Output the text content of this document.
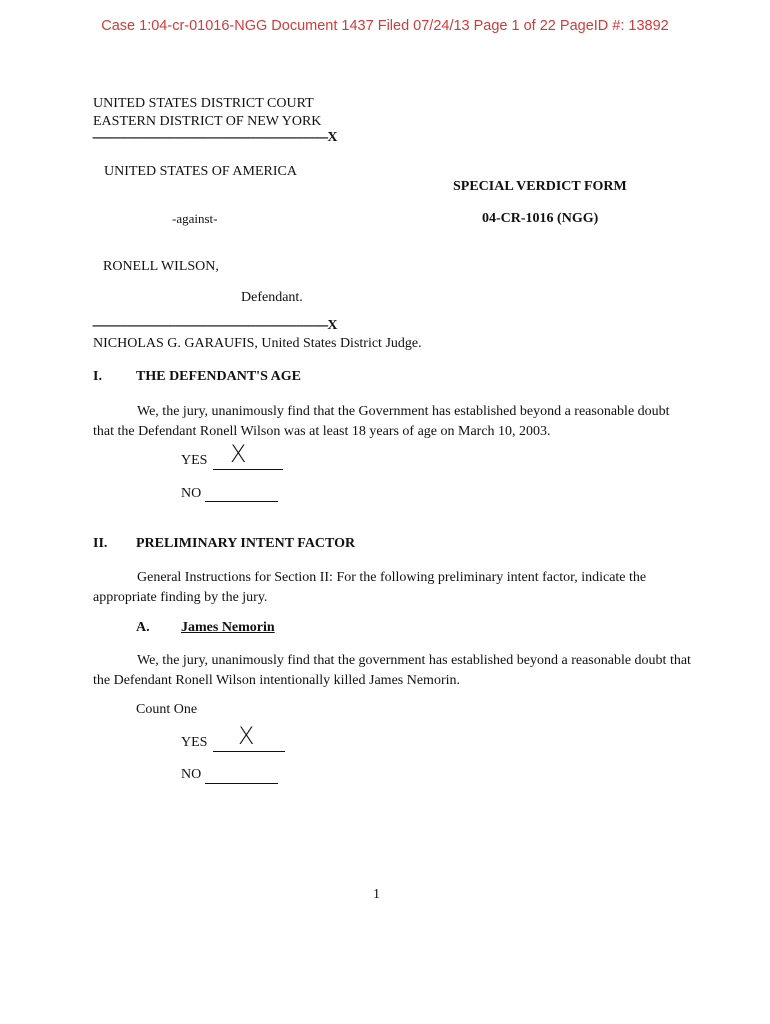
Case 1:04-cr-01016-NGG Document 1437 Filed 07/24/13 Page 1 of 22 PageID #: 13892
UNITED STATES DISTRICT COURT
EASTERN DISTRICT OF NEW YORK
--------------------------------------------------------------------X
UNITED STATES OF AMERICA
SPECIAL VERDICT FORM
-against-	04-CR-1016 (NGG)
RONELL WILSON,
Defendant.
--------------------------------------------------------------------X
NICHOLAS G. GARAUFIS, United States District Judge.
I. THE DEFENDANT'S AGE
We, the jury, unanimously find that the Government has established beyond a reasonable doubt that the Defendant Ronell Wilson was at least 18 years of age on March 10, 2003.
YES X
NO
II. PRELIMINARY INTENT FACTOR
General Instructions for Section II: For the following preliminary intent factor, indicate the appropriate finding by the jury.
A. James Nemorin
We, the jury, unanimously find that the government has established beyond a reasonable doubt that the Defendant Ronell Wilson intentionally killed James Nemorin.
Count One
YES X
NO
1
